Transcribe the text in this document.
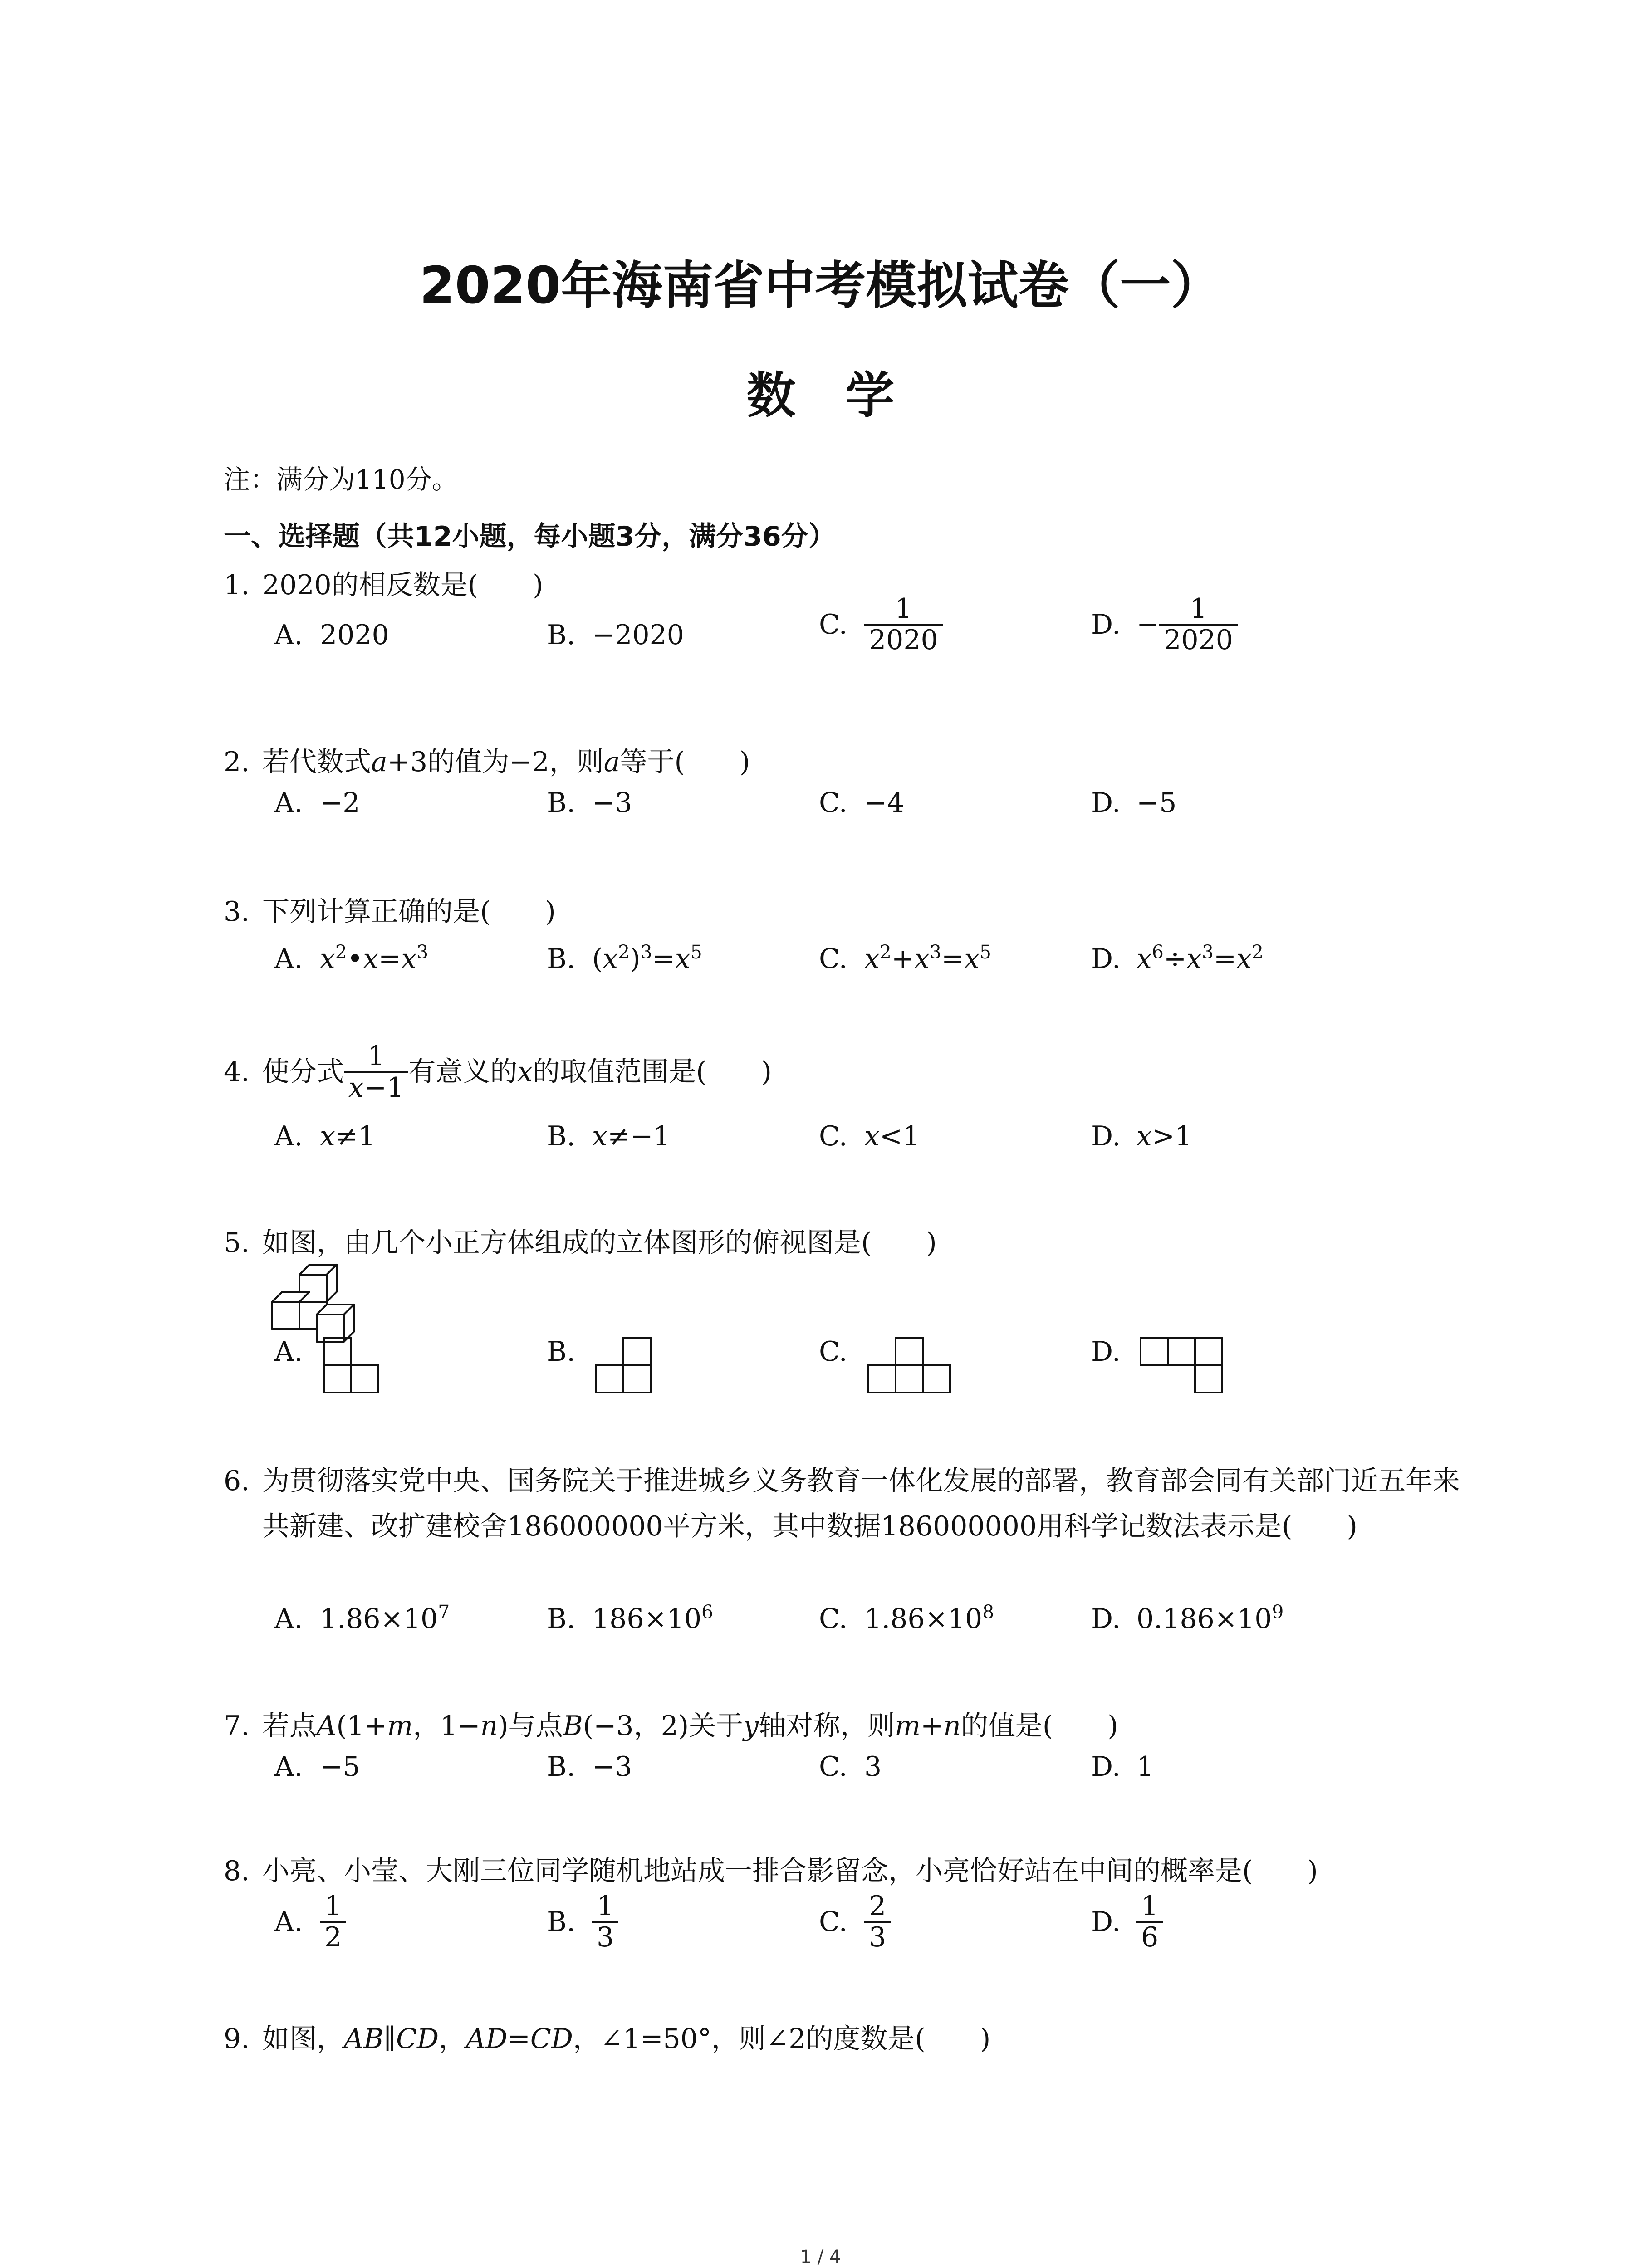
2020年海南省中考模拟试卷（一）
数学
注：满分为110分。
一、选择题（共12小题，每小题3分，满分36分）
1. 2020的相反数是( )
A. 2020	B. −2020	C. $\frac{1}{2020}$	D. − $\frac{1}{2020}$
2. 若代数式a+3的值为−2，则a等于( )
A. −2	B. −3	C. −4	D. −5
3. 下列计算正确的是( )
A. $x^2•x=x^3$	B. $(x^2)^3=x^5$	C. $x^2+x^3=x^5$	D. $x^6\div x^3=x^2$
4. 使分式 $\frac{1}{x-1}$ 有意义的x的取值范围是( )
A. x≠1	B. x≠−1	C. x<1	D. x>1
5. 如图，由几个小正方体组成的立体图形的俯视图是( )
A.	B.	C.	D.
6. 为贯彻落实党中央、国务院关于推进城乡义务教育一体化发展的部署，教育部会同有关部门近五年来共新建、改扩建校舍186000000平方米，其中数据186000000用科学记数法表示是( )
A. $1.86\times 10^7$	B. $186\times 10^6$	C. $1.86\times 10^8$	D. $0.186\times 10^9$
7. 若点A(1+m，1−n)与点B(−3，2)关于y轴对称，则m+n的值是( )
A. −5	B. −3	C. 3	D. 1
8. 小亮、小莹、大刚三位同学随机地站成一排合影留念，小亮恰好站在中间的概率是( )
A. $\frac{1}{2}$	B. $\frac{1}{3}$	C. $\frac{2}{3}$	D. $\frac{1}{6}$
9. 如图，AB∥CD，AD=CD，∠1=50°，则∠2的度数是( )
1 / 4
